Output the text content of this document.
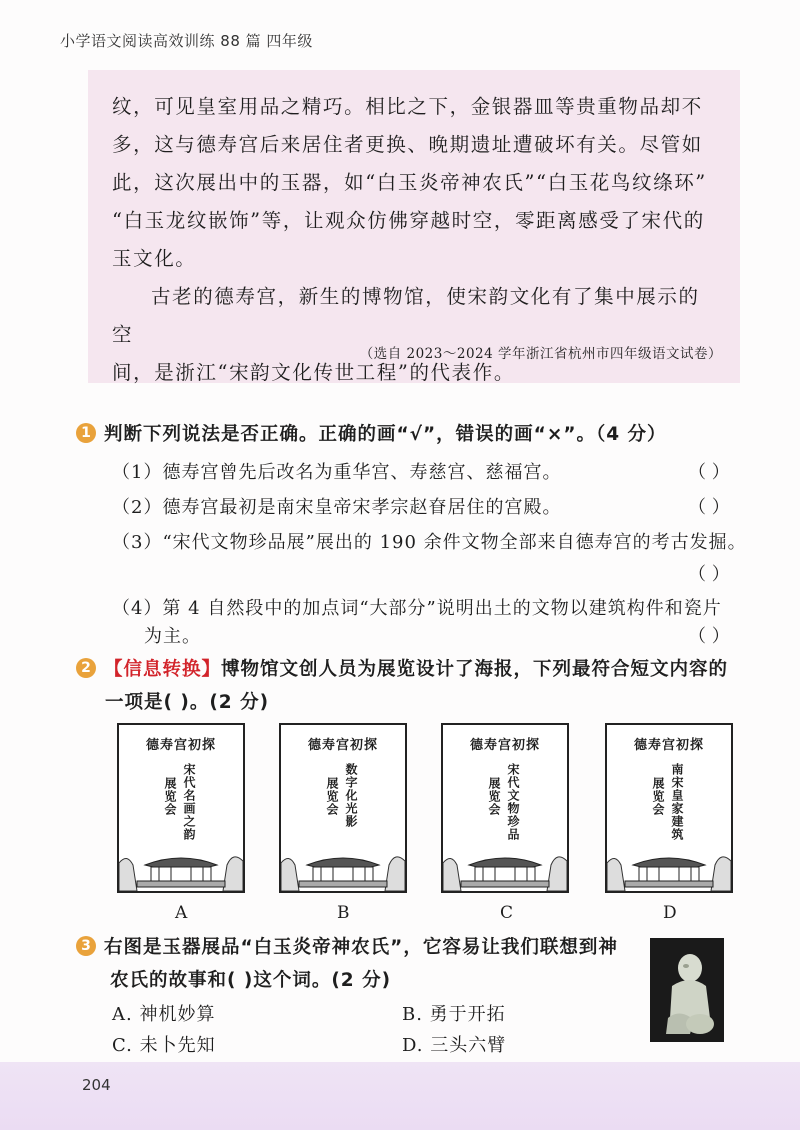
小学语文阅读高效训练 88 篇 四年级

纹，可见皇室用品之精巧。相比之下，金银器皿等贵重物品却不

多，这与德寿宫后来居住者更换、晚期遗址遭破坏有关。尽管如

此，这次展出中的玉器，如“白玉炎帝神农氏”“白玉花鸟纹绦环”

“白玉龙纹嵌饰”等，让观众仿佛穿越时空，零距离感受了宋代的

玉文化。

古老的德寿宫，新生的博物馆，使宋韵文化有了集中展示的空

间，是浙江“宋韵文化传世工程”的代表作。

（选自 2023～2024 学年浙江省杭州市四年级语文试卷）
1 判断下列说法是否正确。正确的画“√”，错误的画“×”。（4 分）
（1）德寿宫曾先后改名为重华宫、寿慈宫、慈福宫。	（ ）
（2）德寿宫最初是南宋皇帝宋孝宗赵眘居住的宫殿。	（ ）
（3）“宋代文物珍品展”展出的 190 余件文物全部来自德寿宫的考古发掘。
（ ）
（4）第 4 自然段中的加点词“大部分”说明出土的文物以建筑构件和瓷片
为主。	（ ）
2 【信息转换】博物馆文创人员为展览设计了海报，下列最符合短文内容的
一项是( )。(2 分)
德寿宫初探
宋代名画之韵
展览会
德寿宫初探
数字化光影
展览会
德寿宫初探
宋代文物珍品
展览会
德寿宫初探
南宋皇家建筑
展览会
A	B	C	D
3 右图是玉器展品“白玉炎帝神农氏”，它容易让我们联想到神
农氏的故事和( )这个词。(2 分)
A. 神机妙算	B. 勇于开拓
C. 未卜先知	D. 三头六臂
204
